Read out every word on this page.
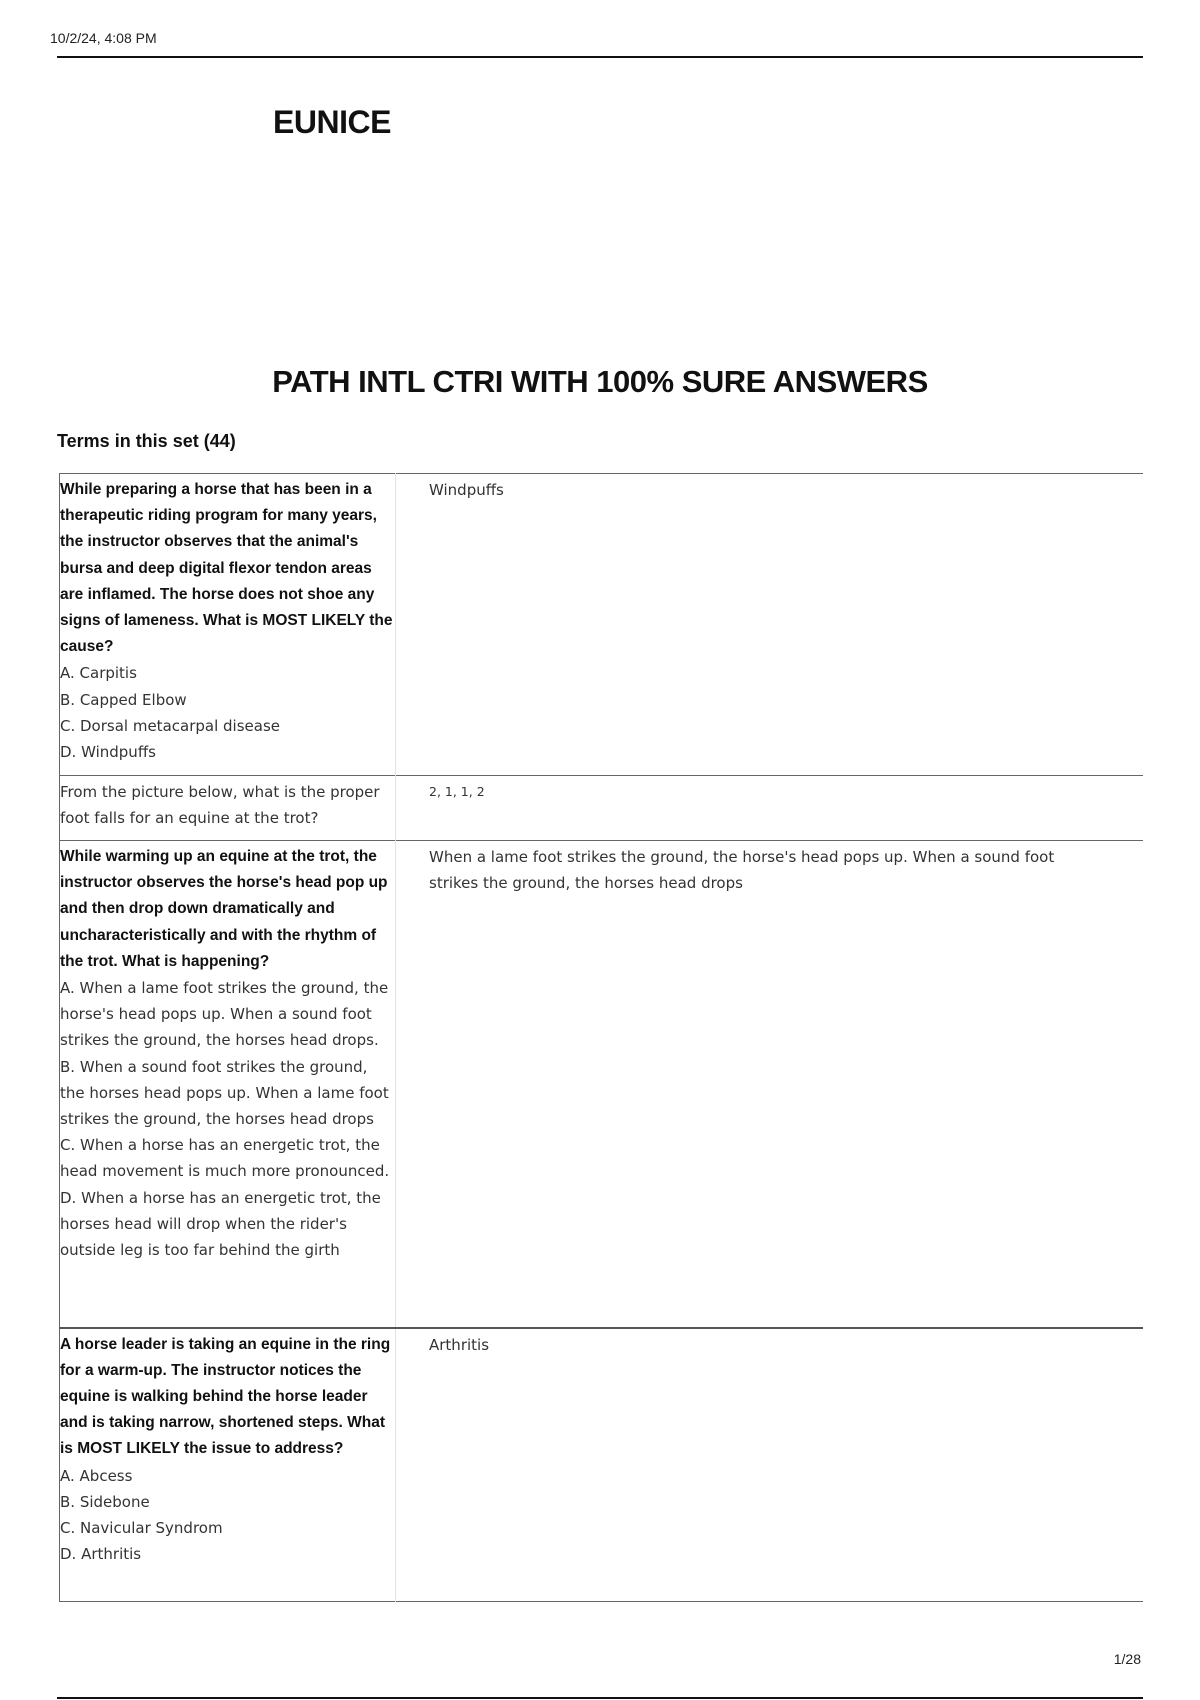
10/2/24, 4:08 PM
EUNICE
PATH INTL CTRI WITH 100% SURE ANSWERS
Terms in this set (44)
While preparing a horse that has been in a therapeutic riding program for many years, the instructor observes that the animal's bursa and deep digital flexor tendon areas are inflamed. The horse does not shoe any signs of lameness. What is MOST LIKELY the cause?
A. Carpitis
B. Capped Elbow
C. Dorsal metacarpal disease
D. Windpuffs	Windpuffs

From the picture below, what is the proper foot falls for an equine at the trot?	2, 1, 1, 2

While warming up an equine at the trot, the instructor observes the horse's head pop up and then drop down dramatically and uncharacteristically and with the rhythm of the trot. What is happening?
A. When a lame foot strikes the ground, the horse's head pops up. When a sound foot strikes the ground, the horses head drops.
B. When a sound foot strikes the ground, the horses head pops up. When a lame foot strikes the ground, the horses head drops
C. When a horse has an energetic trot, the head movement is much more pronounced.
D. When a horse has an energetic trot, the horses head will drop when the rider's outside leg is too far behind the girth	When a lame foot strikes the ground, the horse's head pops up. When a sound foot strikes the ground, the horses head drops

A horse leader is taking an equine in the ring for a warm-up. The instructor notices the equine is walking behind the horse leader and is taking narrow, shortened steps. What is MOST LIKELY the issue to address?
A. Abcess
B. Sidebone
C. Navicular Syndrom
D. Arthritis	Arthritis
1/28
